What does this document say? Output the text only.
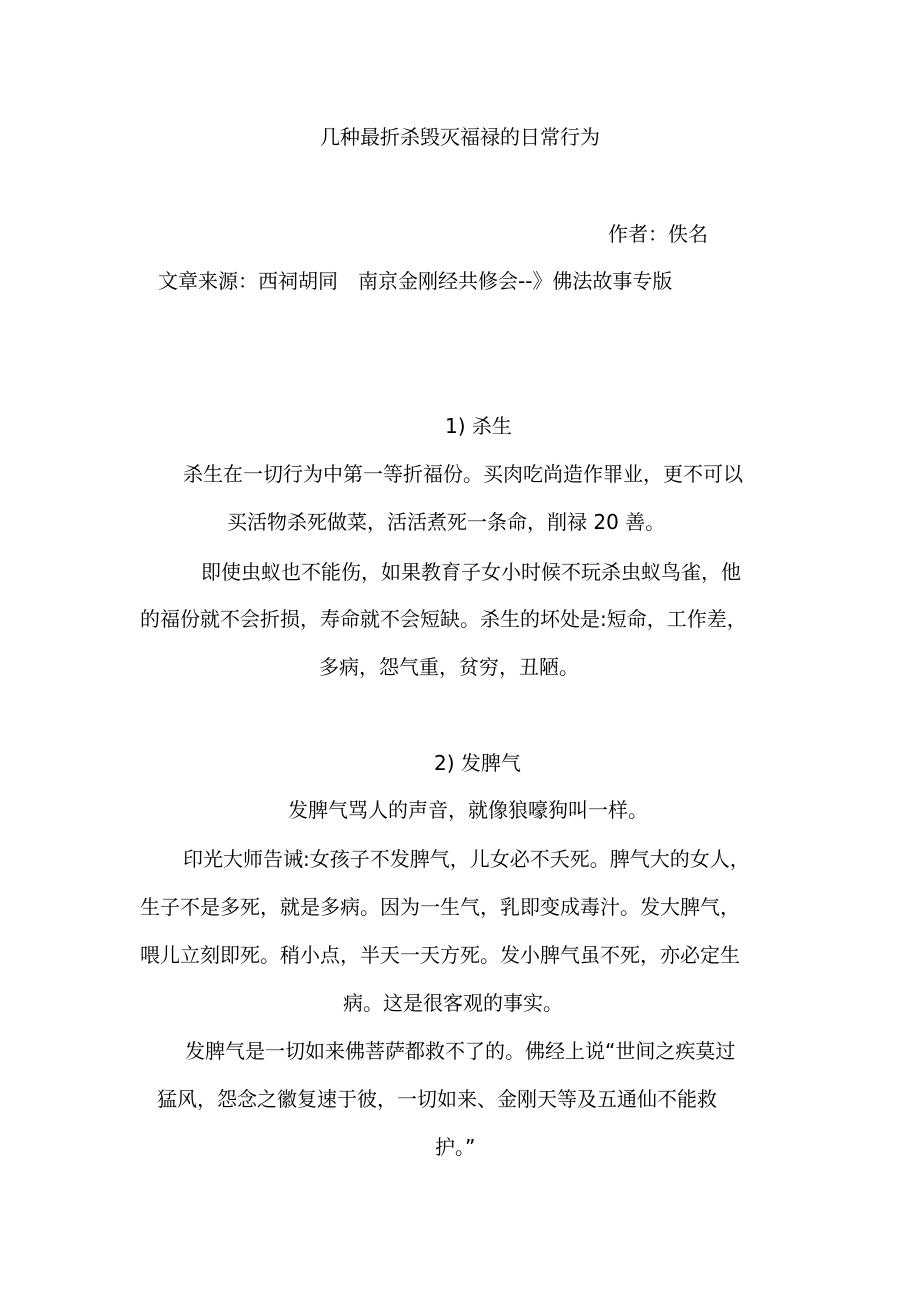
几种最折杀毁灭福禄的日常行为
作者：佚名
文章来源：西祠胡同　南京金刚经共修会--》佛法故事专版
1) 杀生
杀生在一切行为中第一等折福份。买肉吃尚造作罪业，更不可以
买活物杀死做菜，活活煮死一条命，削禄 20 善。
即使虫蚁也不能伤，如果教育子女小时候不玩杀虫蚁鸟雀，他
的福份就不会折损，寿命就不会短缺。杀生的坏处是:短命，工作差，
多病，怨气重，贫穷，丑陋。
2) 发脾气
发脾气骂人的声音，就像狼嚎狗叫一样。
印光大师告诫:女孩子不发脾气，儿女必不夭死。脾气大的女人，
生子不是多死，就是多病。因为一生气，乳即变成毒汁。发大脾气，
喂儿立刻即死。稍小点，半天一天方死。发小脾气虽不死，亦必定生
病。这是很客观的事实。
发脾气是一切如来佛菩萨都救不了的。佛经上说“世间之疾莫过
猛风，怨念之徽复速于彼，一切如来、金刚天等及五通仙不能救
护。”
